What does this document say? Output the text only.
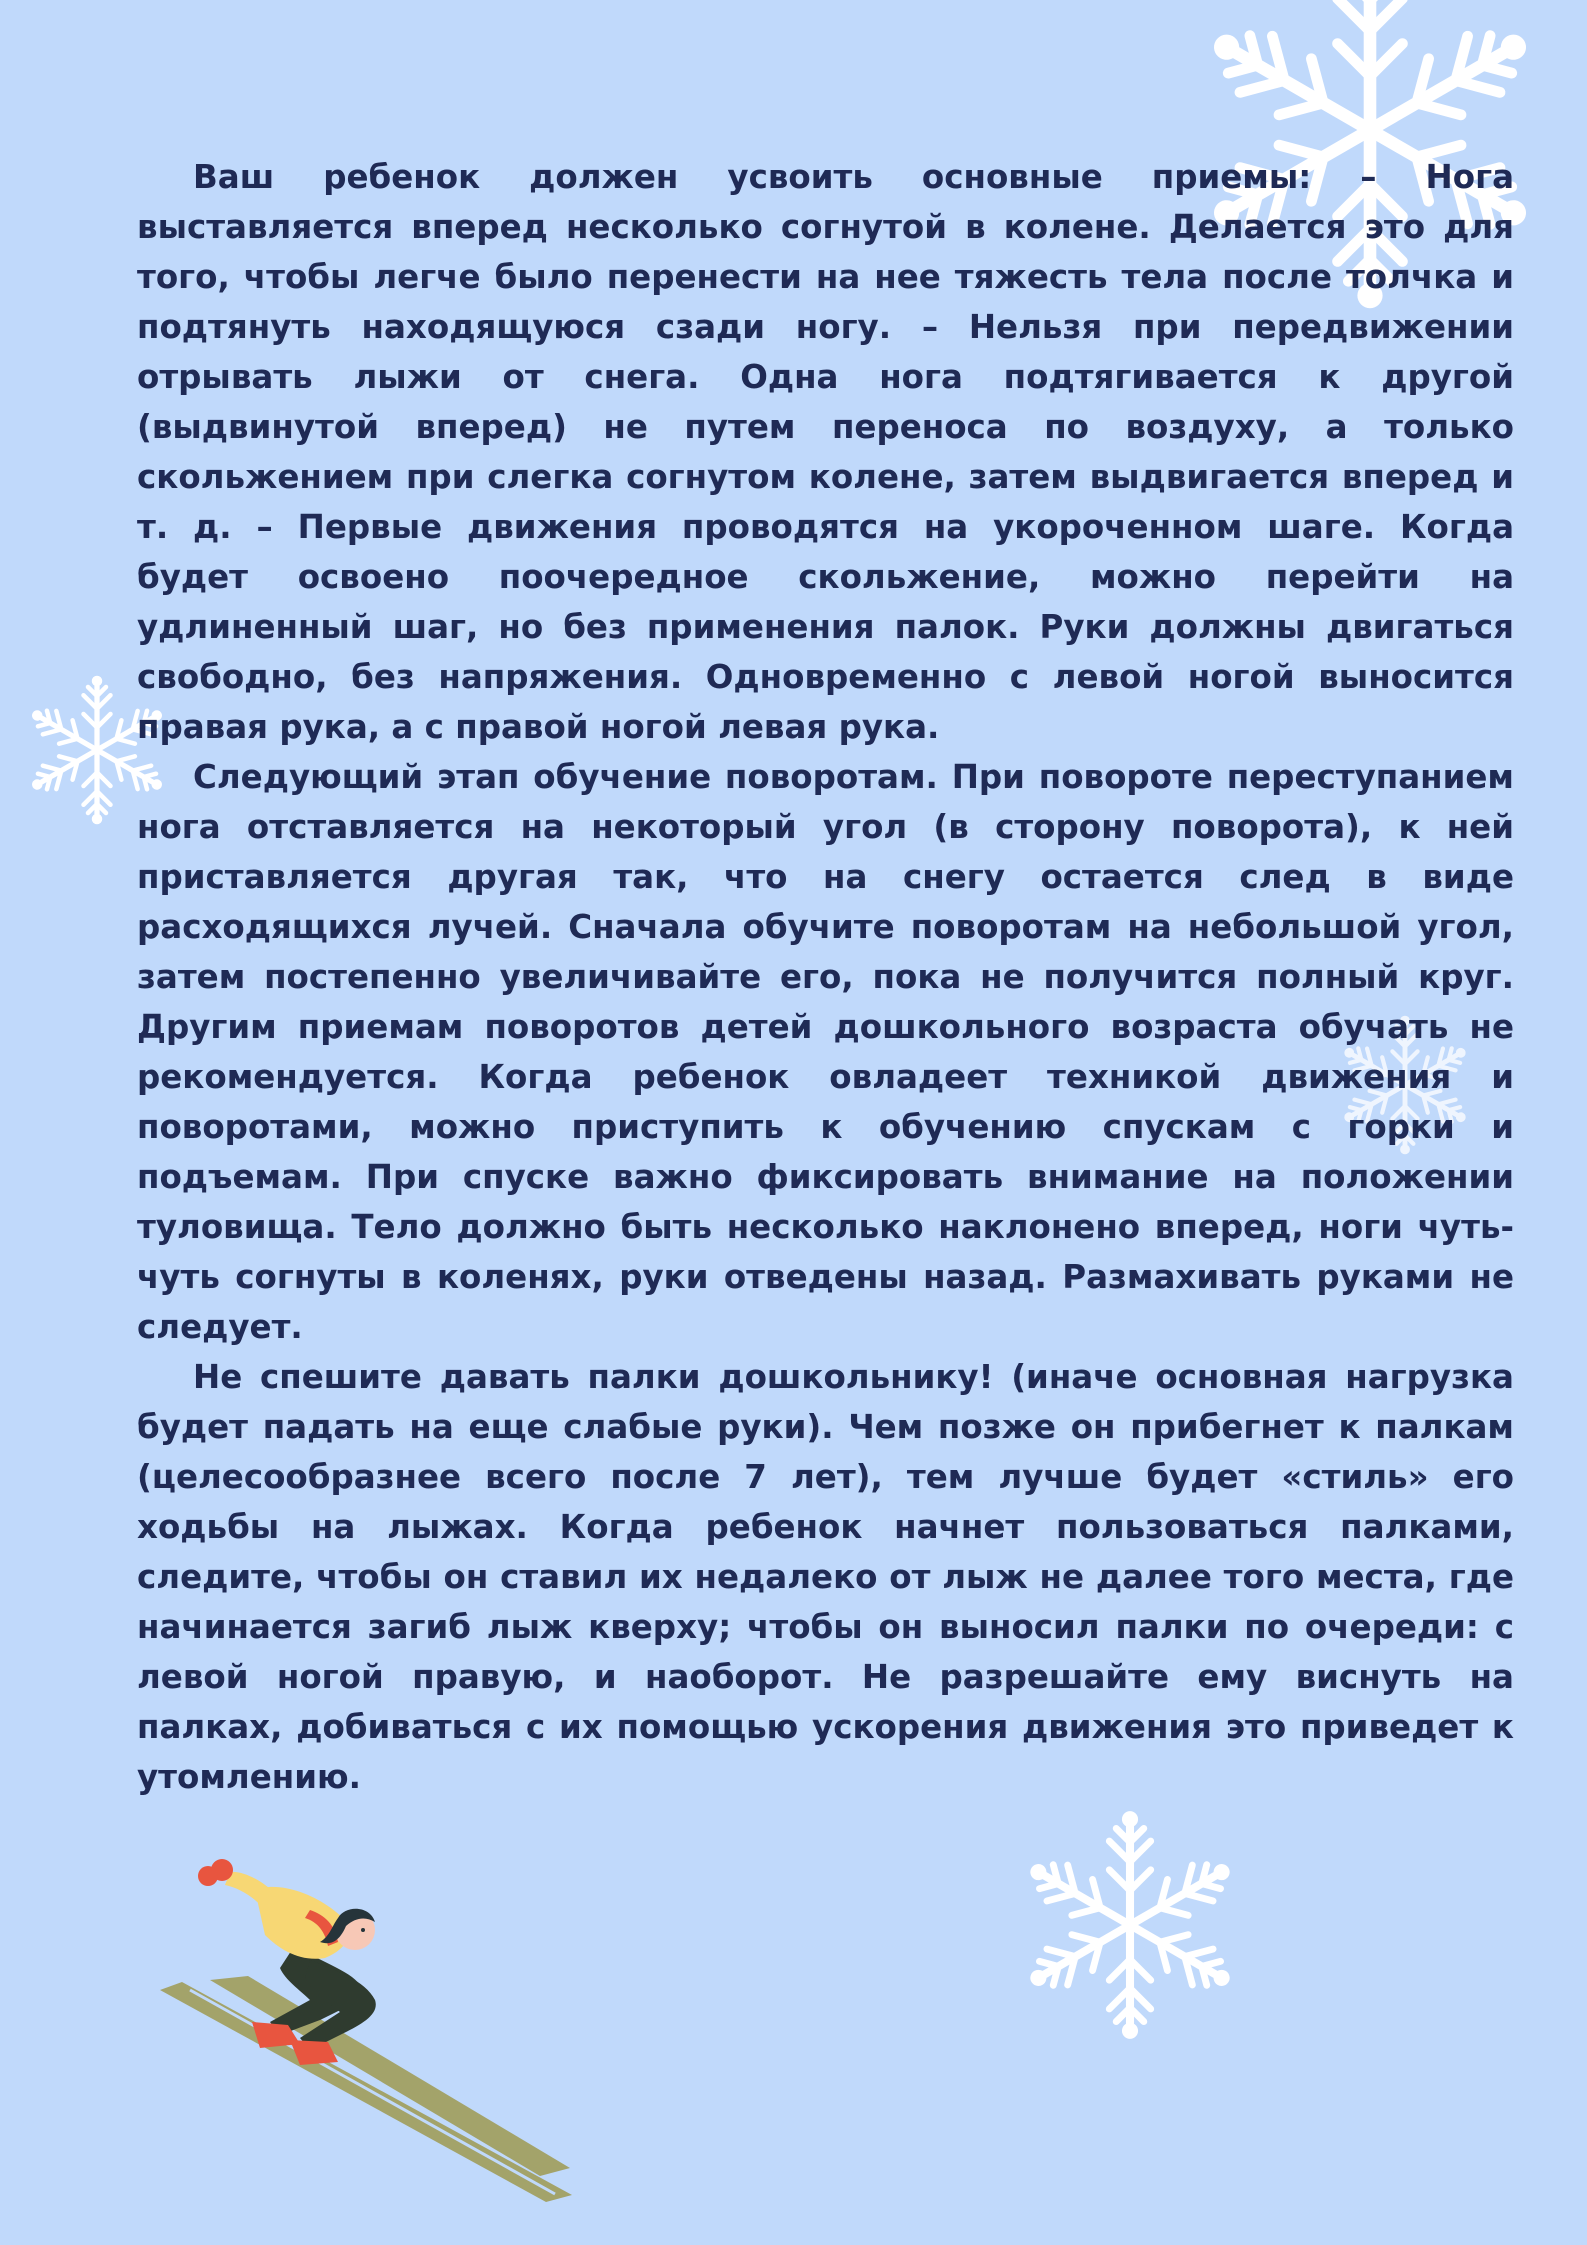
Ваш ребенок должен усвоить основные приемы: – Нога выставляется вперед несколько согнутой в колене. Делается это для того, чтобы легче было перенести на нее тяжесть тела после толчка и подтянуть находящуюся сзади ногу. – Нельзя при передвижении отрывать лыжи от снега. Одна нога подтягивается к другой (выдвинутой вперед) не путем переноса по воздуху, а только скольжением при слегка согнутом колене, затем выдвигается вперед и т. д. – Первые движения проводятся на укороченном шаге. Когда будет освоено поочередное скольжение, можно перейти на удлиненный шаг, но без применения палок. Руки должны двигаться свободно, без напряжения. Одновременно с левой ногой выносится правая рука, а с правой ногой левая рука.

Следующий этап обучение поворотам. При повороте переступанием нога отставляется на некоторый угол (в сторону поворота), к ней приставляется другая так, что на снегу остается след в виде расходящихся лучей. Сначала обучите поворотам на небольшой угол, затем постепенно увеличивайте его, пока не получится полный круг. Другим приемам поворотов детей дошкольного возраста обучать не рекомендуется. Когда ребенок овладеет техникой движения и поворотами, можно приступить к обучению спускам с горки и подъемам. При спуске важно фиксировать внимание на положении туловища. Тело должно быть несколько наклонено вперед, ноги чуть-чуть согнуты в коленях, руки отведены назад. Размахивать руками не следует.

Не спешите давать палки дошкольнику! (иначе основная нагрузка будет падать на еще слабые руки). Чем позже он прибегнет к палкам (целесообразнее всего после 7 лет), тем лучше будет «стиль» его ходьбы на лыжах. Когда ребенок начнет пользоваться палками, следите, чтобы он ставил их недалеко от лыж не далее того места, где начинается загиб лыж кверху; чтобы он выносил палки по очереди: с левой ногой правую, и наоборот. Не разрешайте ему виснуть на палках, добиваться с их помощью ускорения движения это приведет к утомлению.
